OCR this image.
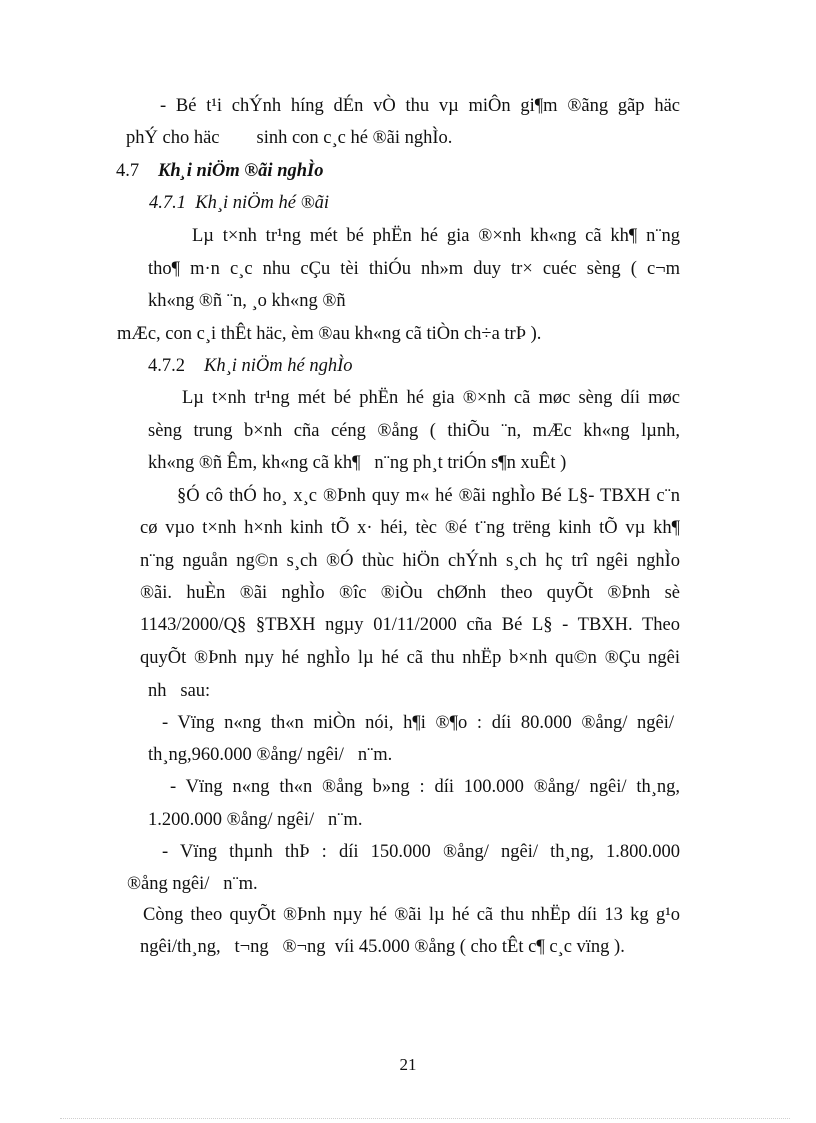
- Bé t¹i chÝnh híng dÉn vÒ thu vµ miÔn gi¶m ®ãng gãp häc
phÝ cho häc        sinh con c¸c hé ®ãi nghÌo.
4.7 Kh¸i niÖm ®ãi nghÌo
4.7.1  Kh¸i niÖm hé ®ãi
Lµ t×nh tr¹ng mét bé phËn hé gia ®×nh kh«ng cã kh¶ n¨ng
tho¶ m·n c¸c nhu cÇu tèi thiÓu nh»m duy tr× cuéc sèng ( c¬m
kh«ng ®ñ ¨n, ¸o kh«ng ®ñ
mÆc, con c¸i thÊt häc, èm ®au kh«ng cã tiÒn ch÷a trÞ ).
4.7.2 Kh¸i niÖm hé nghÌo
Lµ t×nh tr¹ng mét bé phËn hé gia ®×nh cã møc sèng díi møc
sèng trung b×nh cña céng ®ång ( thiÕu ¨n, mÆc kh«ng lµnh,
kh«ng ®ñ Êm, kh«ng cã kh¶   n¨ng ph¸t triÓn s¶n xuÊt )
§Ó cô thÓ ho¸ x¸c ®Þnh quy m« hé ®ãi nghÌo Bé L§- TBXH c¨n
cø vµo t×nh h×nh kinh tÕ x· héi, tèc ®é t¨ng trëng kinh tÕ vµ kh¶
n¨ng nguån ng©n s¸ch ®Ó thùc hiÖn chÝnh s¸ch hç trî ngêi nghÌo
®ãi. huÈn ®ãi nghÌo ®îc ®iÒu chØnh theo quyÕt ®Þnh sè
1143/2000/Q§ §TBXH ngµy 01/11/2000 cña Bé L§ - TBXH. Theo
quyÕt ®Þnh nµy hé nghÌo lµ hé cã thu nhËp b×nh qu©n ®Çu ngêi
nh   sau:
- Vïng n«ng th«n miÒn nói, h¶i ®¶o : díi 80.000 ®ång/ ngêi/
th¸ng,960.000 ®ång/ ngêi/   n¨m.
- Vïng n«ng th«n ®ång b»ng : díi 100.000 ®ång/ ngêi/ th¸ng,
1.200.000 ®ång/ ngêi/   n¨m.
- Vïng thµnh thÞ : díi 150.000 ®ång/ ngêi/ th¸ng, 1.800.000
®ång ngêi/   n¨m.
Còng theo quyÕt ®Þnh nµy hé ®ãi lµ hé cã thu nhËp díi 13 kg g¹o
ngêi/th¸ng,   t¬ng   ®¬ng  víi 45.000 ®ång ( cho tÊt c¶ c¸c vïng ).
21
